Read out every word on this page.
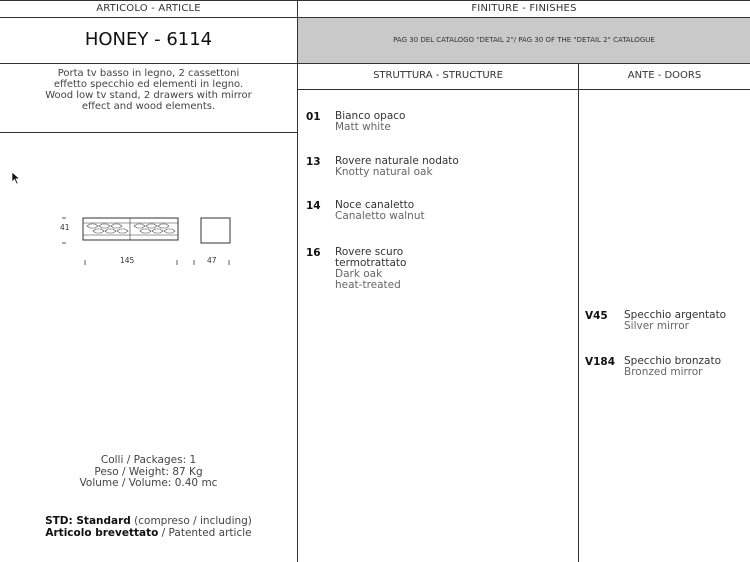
ARTICOLO - ARTICLE	FINITURE - FINISHES
HONEY - 6114	PAG 30 DEL CATALOGO "DETAIL 2"/ PAG 30 OF THE "DETAIL 2" CATALOGUE
Porta tv basso in legno, 2 cassettoni
effetto specchio ed elementi in legno.
Wood low tv stand, 2 drawers with mirror
effect and wood elements.
STRUTTURA - STRUCTURE	ANTE - DOORS
41
145	47
01 Bianco opaco
Matt white
13 Rovere naturale nodato
Knotty natural oak
14 Noce canaletto
Canaletto walnut
16 Rovere scuro
termotrattato
Dark oak
heat-treated
V45 Specchio argentato
Silver mirror
V184 Specchio bronzato
Bronzed mirror
Colli / Packages: 1
Peso / Weight: 87 Kg
Volume / Volume: 0.40 mc
STD: Standard (compreso / including)
Articolo brevettato / Patented article
